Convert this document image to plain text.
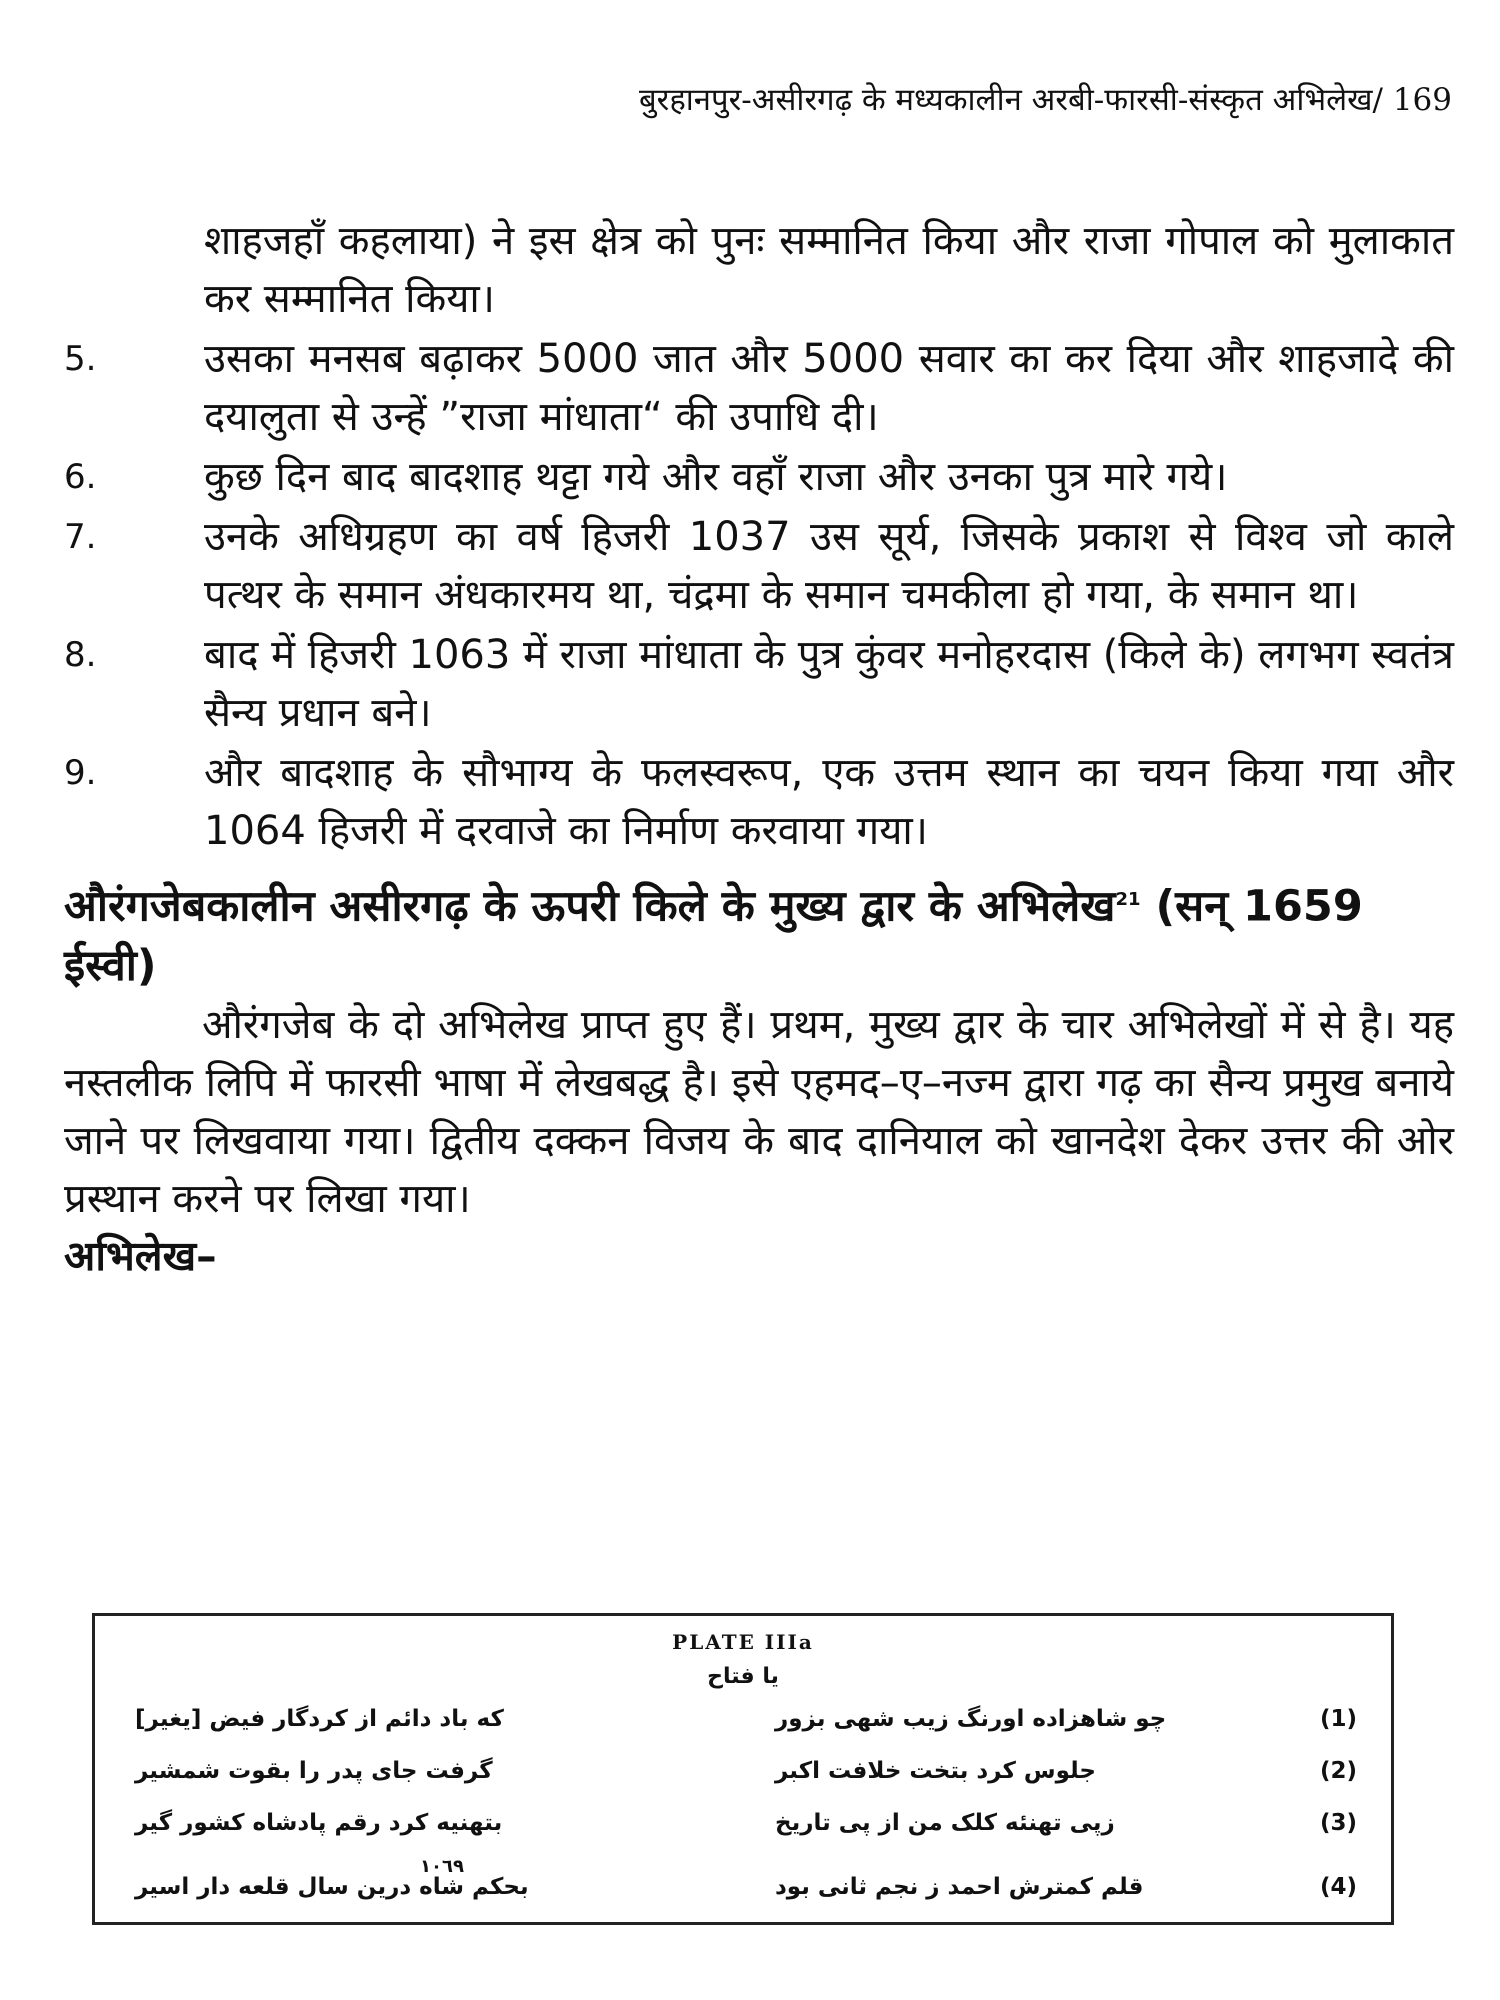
बुरहानपुर-असीरगढ़ के मध्यकालीन अरबी-फारसी-संस्कृत अभिलेख/ 169
शाहजहाँ कहलाया) ने इस क्षेत्र को पुनः सम्मानित किया और राजा गोपाल को मुलाकात कर सम्मानित किया।
5.	उसका मनसब बढ़ाकर 5000 जात और 5000 सवार का कर दिया और शाहजादे की दयालुता से उन्हें ”राजा मांधाता“ की उपाधि दी।
6.	कुछ दिन बाद बादशाह थट्टा गये और वहाँ राजा और उनका पुत्र मारे गये।
7.	उनके अधिग्रहण का वर्ष हिजरी 1037 उस सूर्य, जिसके प्रकाश से विश्व जो काले पत्थर के समान अंधकारमय था, चंद्रमा के समान चमकीला हो गया, के समान था।
8.	बाद में हिजरी 1063 में राजा मांधाता के पुत्र कुंवर मनोहरदास (किले के) लगभग स्वतंत्र सैन्य प्रधान बने।
9.	और बादशाह के सौभाग्य के फलस्वरूप, एक उत्तम स्थान का चयन किया गया और 1064 हिजरी में दरवाजे का निर्माण करवाया गया।
औरंगजेबकालीन असीरगढ़ के ऊपरी किले के मुख्य द्वार के अभिलेख$^{21}$ (सन् 1659 ईस्वी)
औरंगजेब के दो अभिलेख प्राप्त हुए हैं। प्रथम, मुख्य द्वार के चार अभिलेखों में से है। यह नस्तलीक लिपि में फारसी भाषा में लेखबद्ध है। इसे एहमद–ए–नज्म द्वारा गढ़ का सैन्य प्रमुख बनाये जाने पर लिखवाया गया। द्वितीय दक्कन विजय के बाद दानियाल को खानदेश देकर उत्तर की ओर प्रस्थान करने पर लिखा गया।
अभिलेख–
PLATE IIIa
يا فتاح
که باد دائم از کردگار فیض [یغیر]	چو شاهزاده اورنگ زیب شهی بزور	(1)
گرفت جای پدر را بقوت شمشیر	جلوس کرد بتخت خلافت اکبر	(2)
بتهنیه کرد رقم پادشاه کشور گیر	زپی تهنئه کلک من از پی تاریخ	(3)
۱۰٦۹
بحکم شاه درین سال قلعه دار اسیر	قلم کمترش احمد ز نجم ثانی بود	(4)
